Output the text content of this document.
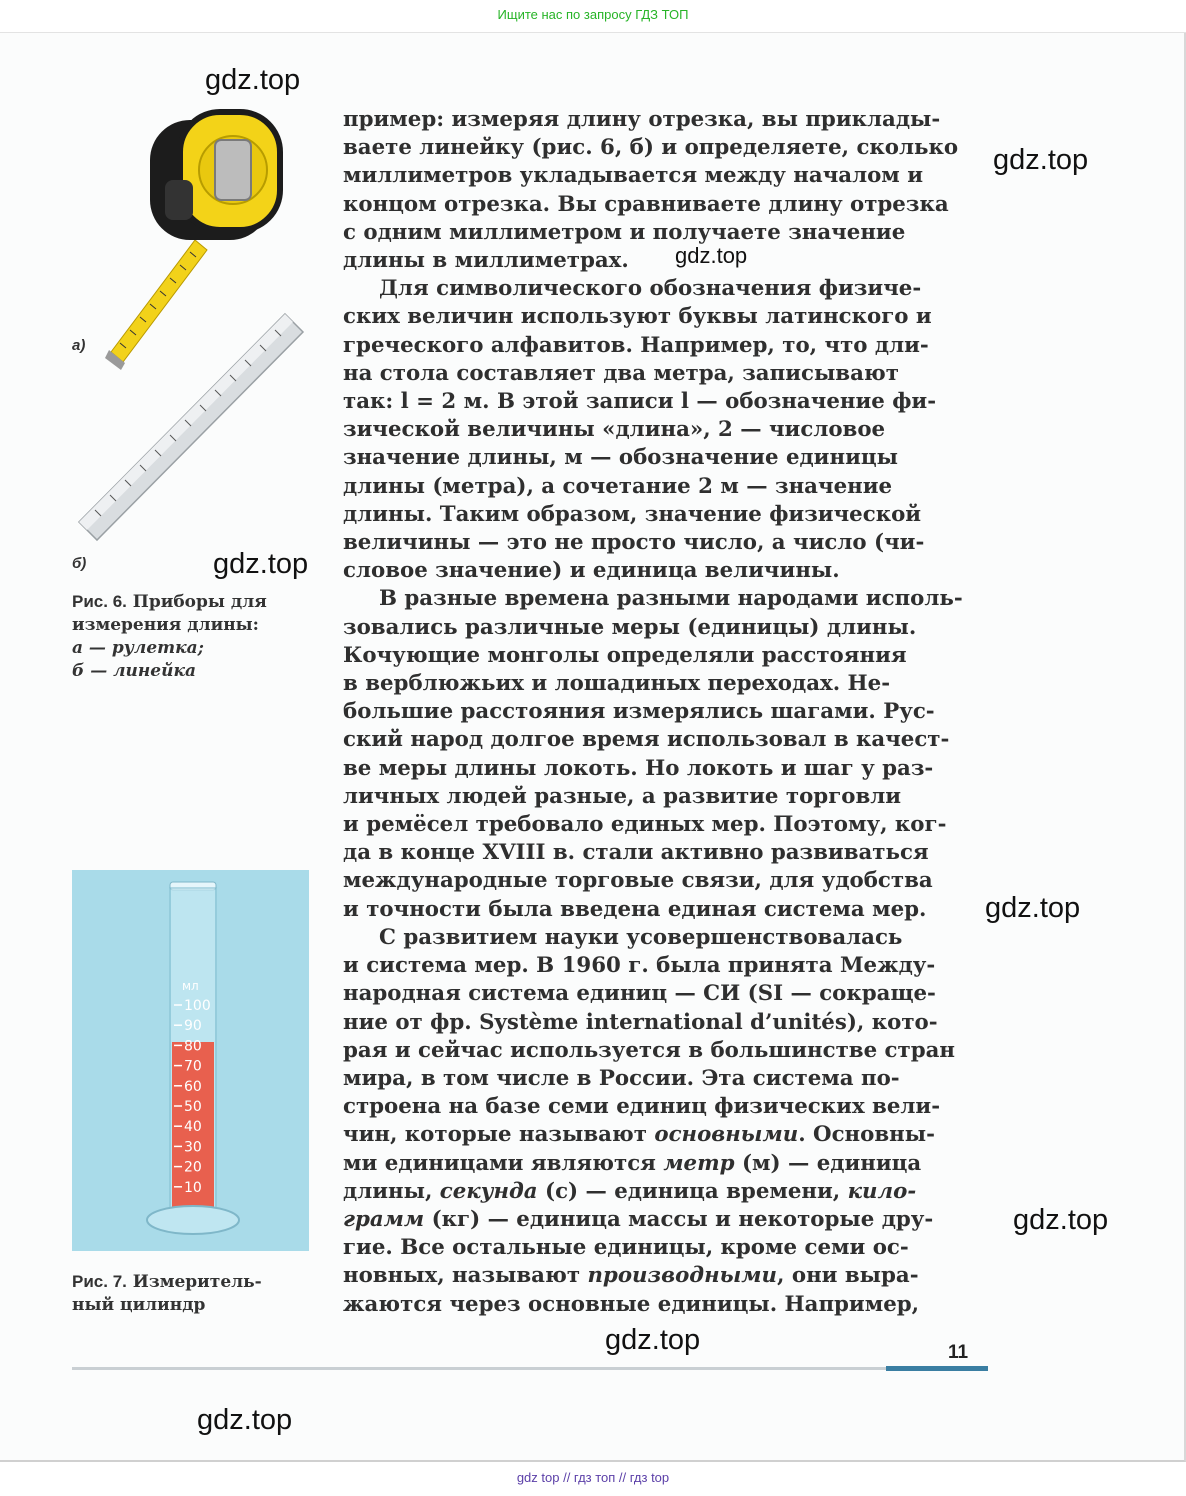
Ищите нас по запросу ГДЗ ТОП
а)
б)
Рис. 6. Приборы для измерения длины:
а — рулетка;
б — линейка
мл
100
90
80
70
60
50
40
30
20
10
Рис. 7. Измеритель-
ный цилиндр

пример: измеряя длину отрезка, вы приклады-
ваете линейку (рис. 6, б) и определяете, сколько
миллиметров укладывается между началом и
концом отрезка. Вы сравниваете длину отрезка
с одним миллиметром и получаете значение
длины в миллиметрах.

Для символического обозначения физиче-
ских величин используют буквы латинского и
греческого алфавитов. Например, то, что дли-
на стола составляет два метра, записывают
так: l = 2 м. В этой записи l — обозначение фи-
зической величины «длина», 2 — числовое
значение длины, м — обозначение единицы
длины (метра), а сочетание 2 м — значение
длины. Таким образом, значение физической
величины — это не просто число, а число (чи-
словое значение) и единица величины.

В разные времена разными народами исполь-
зовались различные меры (единицы) длины.
Кочующие монголы определяли расстояния
в верблюжьих и лошадиных переходах. Не-
большие расстояния измерялись шагами. Рус-
ский народ долгое время использовал в качест-
ве меры длины локоть. Но локоть и шаг у раз-
личных людей разные, а развитие торговли
и ремёсел требовало единых мер. Поэтому, ког-
да в конце XVIII в. стали активно развиваться
международные торговые связи, для удобства
и точности была введена единая система мер.

С развитием науки усовершенствовалась
и система мер. В 1960 г. была принята Между-
народная система единиц — СИ (SI — сокраще-
ние от фр. Système international d’unités), кото-
рая и сейчас используется в большинстве стран
мира, в том числе в России. Эта система по-
строена на базе семи единиц физических вели-
чин, которые называют основными. Основны-
ми единицами являются метр (м) — единица
длины, секунда (с) — единица времени, кило-
грамм (кг) — единица массы и некоторые дру-
гие. Все остальные единицы, кроме семи ос-
новных, называют производными, они выра-
жаются через основные единицы. Например,

gdz.top
gdz.top
gdz.top
gdz.top
gdz.top
gdz.top
gdz.top
gdz.top
11
gdz top // гдз топ // гдз top
